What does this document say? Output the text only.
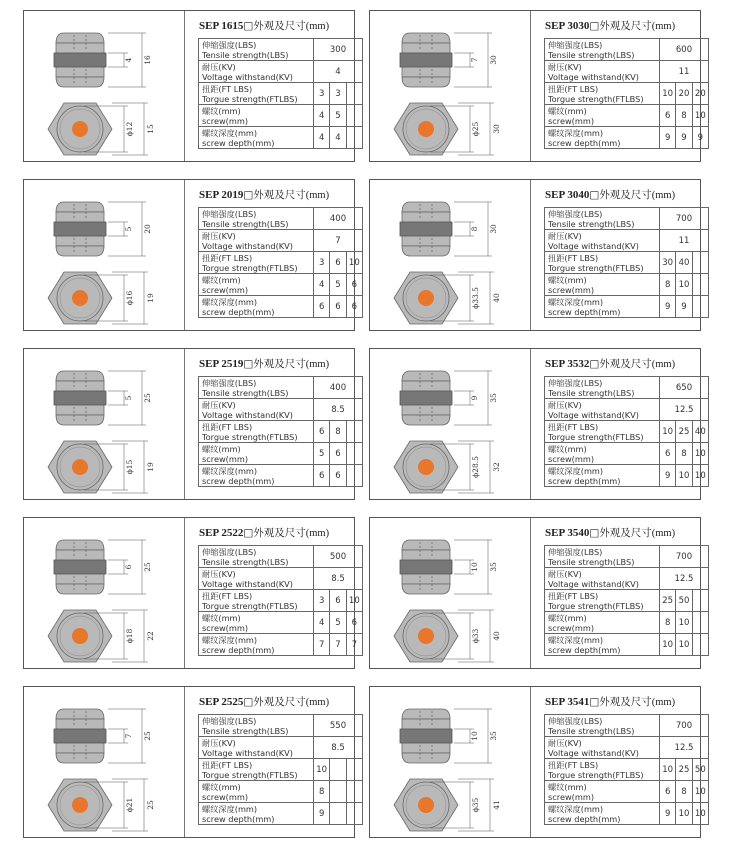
4 16
ϕ12 15
SEP 1615□外观及尺寸(mm)
伸缩强度(LBS)
Tensile strength(LBS)	300		

耐压(KV)
Voltage withstand(KV)	4		

扭距(FT LBS)
Torgue strength(FTLBS)	3	3	

螺纹(mm)
screw(mm)	4	5	

螺纹深度(mm)
screw depth(mm)	4	4	
7 30
ϕ25 30
SEP 3030□外观及尺寸(mm)
伸缩强度(LBS)
Tensile strength(LBS)	600		

耐压(KV)
Voltage withstand(KV)	11		

扭距(FT LBS)
Torgue strength(FTLBS)	10	20	20

螺纹(mm)
screw(mm)	6	8	10

螺纹深度(mm)
screw depth(mm)	9	9	9
5 20
ϕ16 19
SEP 2019□外观及尺寸(mm)
伸缩强度(LBS)
Tensile strength(LBS)	400		

耐压(KV)
Voltage withstand(KV)	7		

扭距(FT LBS)
Torgue strength(FTLBS)	3	6	10

螺纹(mm)
screw(mm)	4	5	6

螺纹深度(mm)
screw depth(mm)	6	6	6
8 30
ϕ33.5 40
SEP 3040□外观及尺寸(mm)
伸缩强度(LBS)
Tensile strength(LBS)	700		

耐压(KV)
Voltage withstand(KV)	11		

扭距(FT LBS)
Torgue strength(FTLBS)	30	40	

螺纹(mm)
screw(mm)	8	10	

螺纹深度(mm)
screw depth(mm)	9	9	
5 25
ϕ15 19
SEP 2519□外观及尺寸(mm)
伸缩强度(LBS)
Tensile strength(LBS)	400		

耐压(KV)
Voltage withstand(KV)	8.5		

扭距(FT LBS)
Torgue strength(FTLBS)	6	8	

螺纹(mm)
screw(mm)	5	6	

螺纹深度(mm)
screw depth(mm)	6	6	
9 35
ϕ28.5 32
SEP 3532□外观及尺寸(mm)
伸缩强度(LBS)
Tensile strength(LBS)	650		

耐压(KV)
Voltage withstand(KV)	12.5		

扭距(FT LBS)
Torgue strength(FTLBS)	10	25	40

螺纹(mm)
screw(mm)	6	8	10

螺纹深度(mm)
screw depth(mm)	9	10	10
6 25
ϕ18 22
SEP 2522□外观及尺寸(mm)
伸缩强度(LBS)
Tensile strength(LBS)	500		

耐压(KV)
Voltage withstand(KV)	8.5		

扭距(FT LBS)
Torgue strength(FTLBS)	3	6	10

螺纹(mm)
screw(mm)	4	5	6

螺纹深度(mm)
screw depth(mm)	7	7	7
10 35
ϕ33 40
SEP 3540□外观及尺寸(mm)
伸缩强度(LBS)
Tensile strength(LBS)	700		

耐压(KV)
Voltage withstand(KV)	12.5		

扭距(FT LBS)
Torgue strength(FTLBS)	25	50	

螺纹(mm)
screw(mm)	8	10	

螺纹深度(mm)
screw depth(mm)	10	10	
7 25
ϕ21 25
SEP 2525□外观及尺寸(mm)
伸缩强度(LBS)
Tensile strength(LBS)	550		

耐压(KV)
Voltage withstand(KV)	8.5		

扭距(FT LBS)
Torgue strength(FTLBS)	10		

螺纹(mm)
screw(mm)	8		

螺纹深度(mm)
screw depth(mm)	9		
10 35
ϕ35 41
SEP 3541□外观及尺寸(mm)
伸缩强度(LBS)
Tensile strength(LBS)	700		

耐压(KV)
Voltage withstand(KV)	12.5		

扭距(FT LBS)
Torgue strength(FTLBS)	10	25	50

螺纹(mm)
screw(mm)	6	8	10

螺纹深度(mm)
screw depth(mm)	9	10	10
